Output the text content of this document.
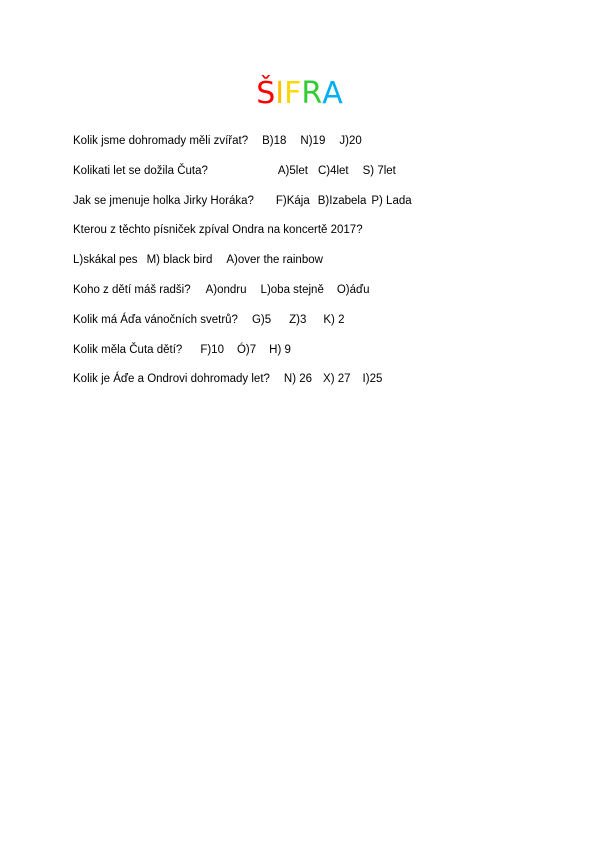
ŠIFRA
Kolik jsme dohromady měli zvířat? B)18 N)19 J)20
Kolikati let se dožila Čuta?	A)5let C)4let S) 7let
Jak se jmenuje holka Jirky Horáka? F)Kája B)Izabela P) Lada
Kterou z těchto písniček zpíval Ondra na koncertě 2017?
L)skákal pes M) black bird A)over the rainbow
Koho z dětí máš radši? A)ondru L)oba stejně O)áďu
Kolik má Áďa vánočních svetrů? G)5 Z)3 K) 2
Kolik měla Čuta dětí? F)10 Ó)7 H) 9
Kolik je Áďe a Ondrovi dohromady let? N) 26 X) 27 I)25
